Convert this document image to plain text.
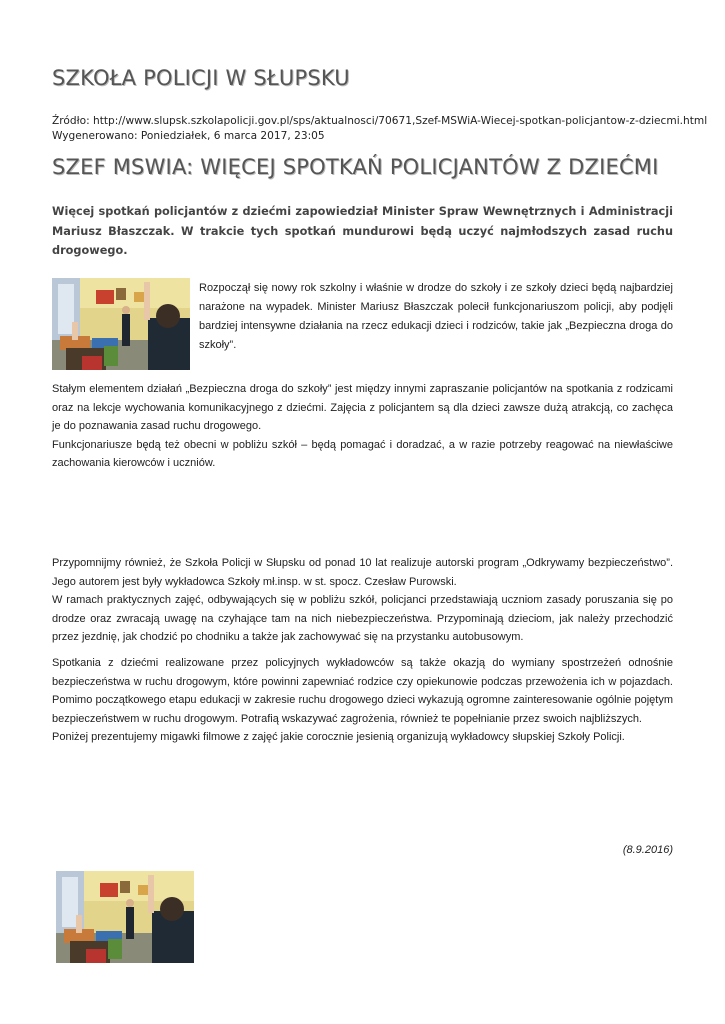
SZKOŁA POLICJI W SŁUPSKU
Źródło: http://www.slupsk.szkolapolicji.gov.pl/sps/aktualnosci/70671,Szef-MSWiA-Wiecej-spotkan-policjantow-z-dziecmi.html
Wygenerowano: Poniedziałek, 6 marca 2017, 23:05
SZEF MSWIA: WIĘCEJ SPOTKAŃ POLICJANTÓW Z DZIEĆMI
Więcej spotkań policjantów z dziećmi zapowiedział Minister Spraw Wewnętrznych i Administracji Mariusz Błaszczak. W trakcie tych spotkań mundurowi będą uczyć najmłodszych zasad ruchu drogowego.
Rozpoczął się nowy rok szkolny i właśnie w drodze do szkoły i ze szkoły dzieci będą najbardziej narażone na wypadek. Minister Mariusz Błaszczak polecił funkcjonariuszom policji, aby podjęli bardziej intensywne działania na rzecz edukacji dzieci i rodziców, takie jak „Bezpieczna droga do szkoły”.

Stałym elementem działań „Bezpieczna droga do szkoły” jest między innymi zapraszanie policjantów na spotkania z rodzicami oraz na lekcje wychowania komunikacyjnego z dziećmi. Zajęcia z policjantem są dla dzieci zawsze dużą atrakcją, co zachęca je do poznawania zasad ruchu drogowego.

Funkcjonariusze będą też obecni w pobliżu szkół – będą pomagać i doradzać, a w razie potrzeby reagować na niewłaściwe zachowania kierowców i uczniów.

Przypomnijmy również, że Szkoła Policji w Słupsku od ponad 10 lat realizuje autorski program „Odkrywamy bezpieczeństwo”. Jego autorem jest były wykładowca Szkoły mł.insp. w st. spocz. Czesław Purowski.

W ramach praktycznych zajęć, odbywających się w pobliżu szkół, policjanci przedstawiają uczniom zasady poruszania się po drodze oraz zwracają uwagę na czyhające tam na nich niebezpieczeństwa. Przypominają dzieciom, jak należy przechodzić przez jezdnię, jak chodzić po chodniku a także jak zachowywać się na przystanku autobusowym.

Spotkania z dziećmi realizowane przez policyjnych wykładowców są także okazją do wymiany spostrzeżeń odnośnie bezpieczeństwa w ruchu drogowym, które powinni zapewniać rodzice czy opiekunowie podczas przewożenia ich w pojazdach. Pomimo początkowego etapu edukacji w zakresie ruchu drogowego dzieci wykazują ogromne zainteresowanie ogólnie pojętym bezpieczeństwem w ruchu drogowym. Potrafią wskazywać zagrożenia, również te popełnianie przez swoich najbliższych.

Poniżej prezentujemy migawki filmowe z zajęć jakie corocznie jesienią organizują wykładowcy słupskiej Szkoły Policji.

(8.9.2016)
